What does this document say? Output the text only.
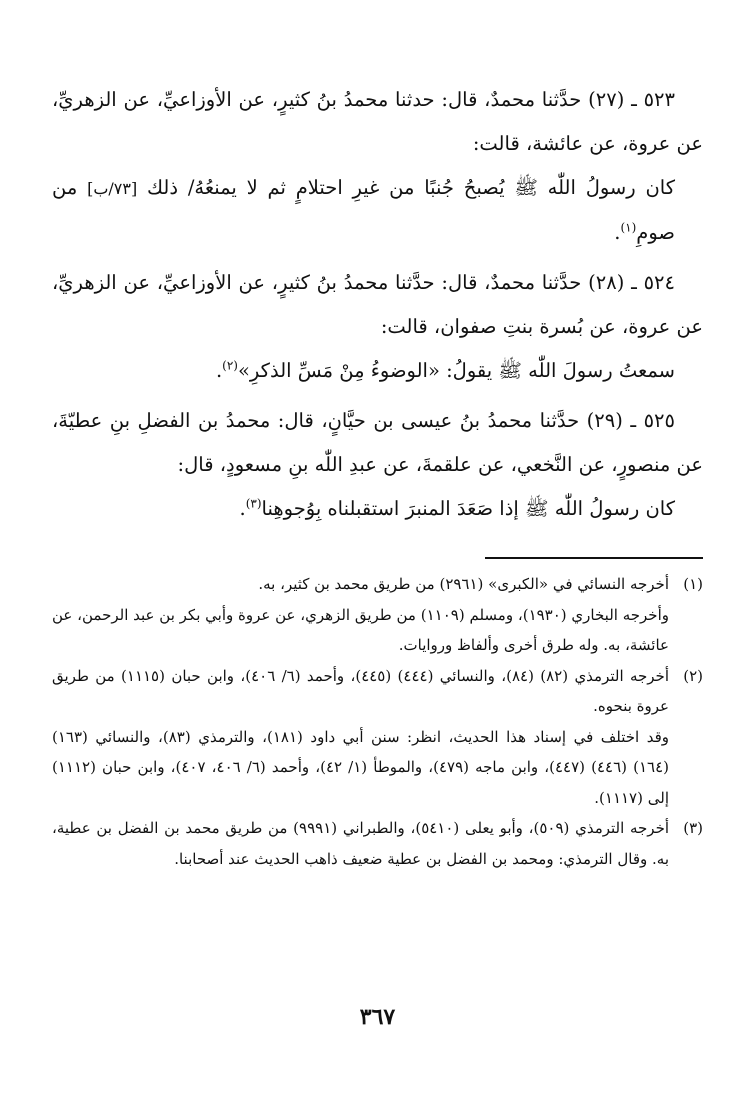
٥٢٣ ـ (٢٧) حدَّثنا محمدٌ، قال: حدثنا محمدُ بنُ كثيرٍ، عن الأوزاعيِّ، عن الزهريِّ، عن عروة، عن عائشة، قالت:

كان رسولُ اللّٰه ﷺ يُصبحُ جُنبًا من غيرِ احتلامٍ ثم لا يمنعُهُ/ ذلك [٧٣/ب] من صومِ$^{(١)}$.

٥٢٤ ـ (٢٨) حدَّثنا محمدٌ، قال: حدَّثنا محمدُ بنُ كثيرٍ، عن الأوزاعيِّ، عن الزهريِّ، عن عروة، عن بُسرة بنتِ صفوان، قالت:

سمعتُ رسولَ اللّٰه ﷺ يقولُ: «الوضوءُ مِنْ مَسِّ الذكرِ»$^{(٢)}$.

٥٢٥ ـ (٢٩) حدَّثنا محمدُ بنُ عيسى بن حيَّانٍ، قال: محمدُ بن الفضلِ بنِ عطيّةَ، عن منصورٍ، عن النَّخعي، عن علقمةَ، عن عبدِ اللّٰه بنِ مسعودٍ، قال:

كان رسولُ اللّٰه ﷺ إذا صَعَدَ المنبرَ استقبلناه بِوُجوهِنا$^{(٣)}$.

(١)

أخرجه النسائي في «الكبرى» (٢٩٦١) من طريق محمد بن كثير، به.

وأخرجه البخاري (١٩٣٠)، ومسلم (١١٠٩) من طريق الزهري، عن عروة وأبي بكر بن عبد الرحمن، عن عائشة، به. وله طرق أخرى وألفاظ وروايات.

(٢)

أخرجه الترمذي (٨٢) (٨٤)، والنسائي (٤٤٤) (٤٤٥)، وأحمد (٦/ ٤٠٦)، وابن حبان (١١١٥) من طريق عروة بنحوه.

وقد اختلف في إسناد هذا الحديث، انظر: سنن أبي داود (١٨١)، والترمذي (٨٣)، والنسائي (١٦٣) (١٦٤) (٤٤٦) (٤٤٧)، وابن ماجه (٤٧٩)، والموطأ (١/ ٤٢)، وأحمد (٦/ ٤٠٦، ٤٠٧)، وابن حبان (١١١٢) إلى (١١١٧).

(٣)

أخرجه الترمذي (٥٠٩)، وأبو يعلى (٥٤١٠)، والطبراني (٩٩٩١) من طريق محمد بن الفضل بن عطية، به. وقال الترمذي: ومحمد بن الفضل بن عطية ضعيف ذاهب الحديث عند أصحابنا.

٣٦٧
